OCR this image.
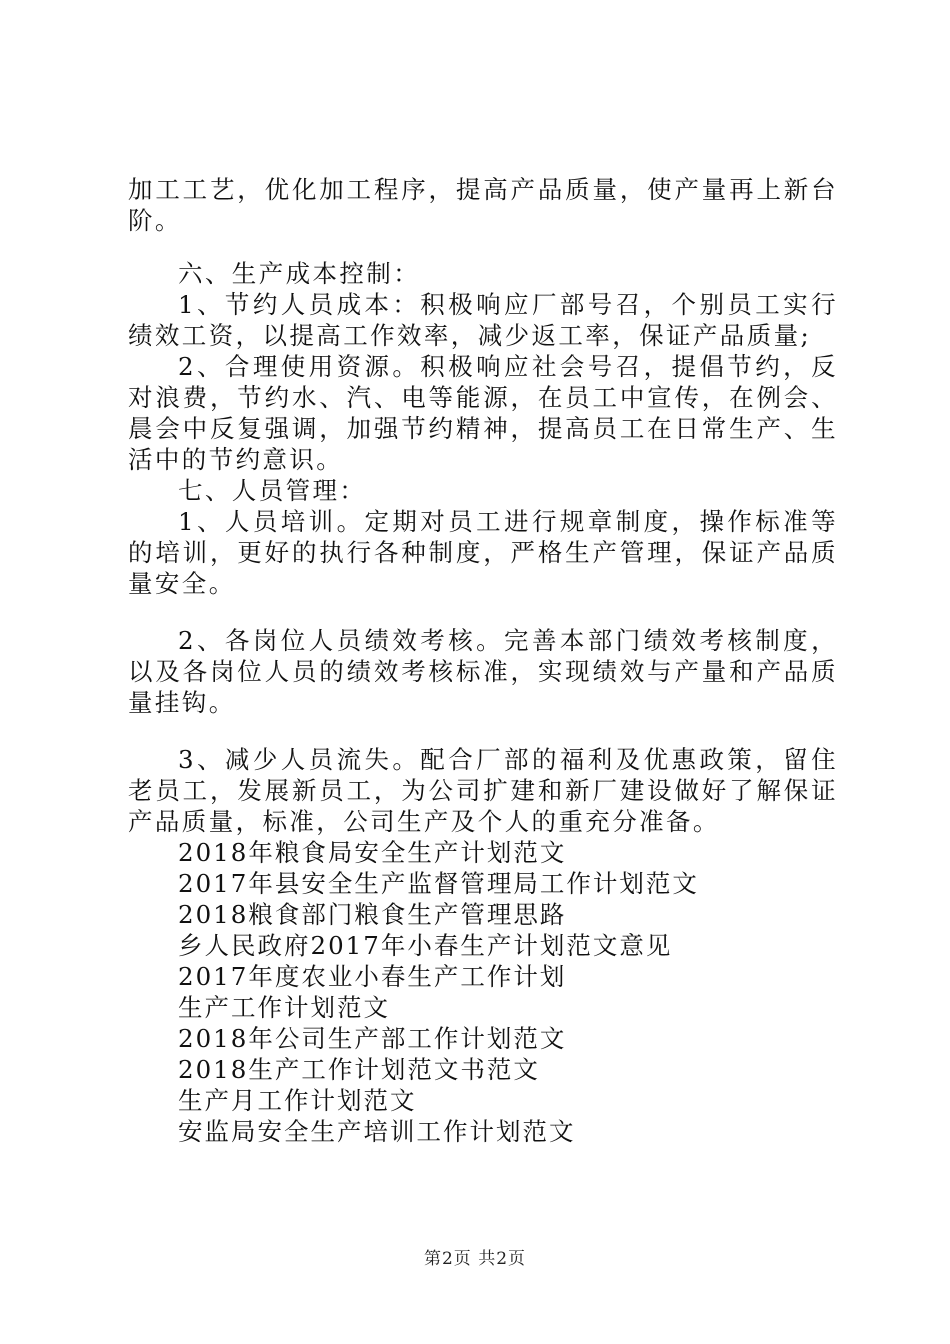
加工工艺，优化加工程序，提高产品质量，使产量再上新台阶。

六、生产成本控制：

1、节约人员成本：积极响应厂部号召，个别员工实行绩效工资，以提高工作效率，减少返工率，保证产品质量;

2、合理使用资源。积极响应社会号召，提倡节约，反对浪费，节约水、汽、电等能源，在员工中宣传，在例会、晨会中反复强调，加强节约精神，提高员工在日常生产、生活中的节约意识。

七、人员管理：

1、人员培训。定期对员工进行规章制度，操作标准等的培训，更好的执行各种制度，严格生产管理，保证产品质量安全。

2、各岗位人员绩效考核。完善本部门绩效考核制度，以及各岗位人员的绩效考核标准，实现绩效与产量和产品质量挂钩。

3、减少人员流失。配合厂部的福利及优惠政策，留住老员工，发展新员工，为公司扩建和新厂建设做好了解保证产品质量，标准，公司生产及个人的重充分准备。

2018年粮食局安全生产计划范文

2017年县安全生产监督管理局工作计划范文

2018粮食部门粮食生产管理思路

乡人民政府2017年小春生产计划范文意见

2017年度农业小春生产工作计划

生产工作计划范文

2018年公司生产部工作计划范文

2018生产工作计划范文书范文

生产月工作计划范文

安监局安全生产培训工作计划范文

第2页 共2页
